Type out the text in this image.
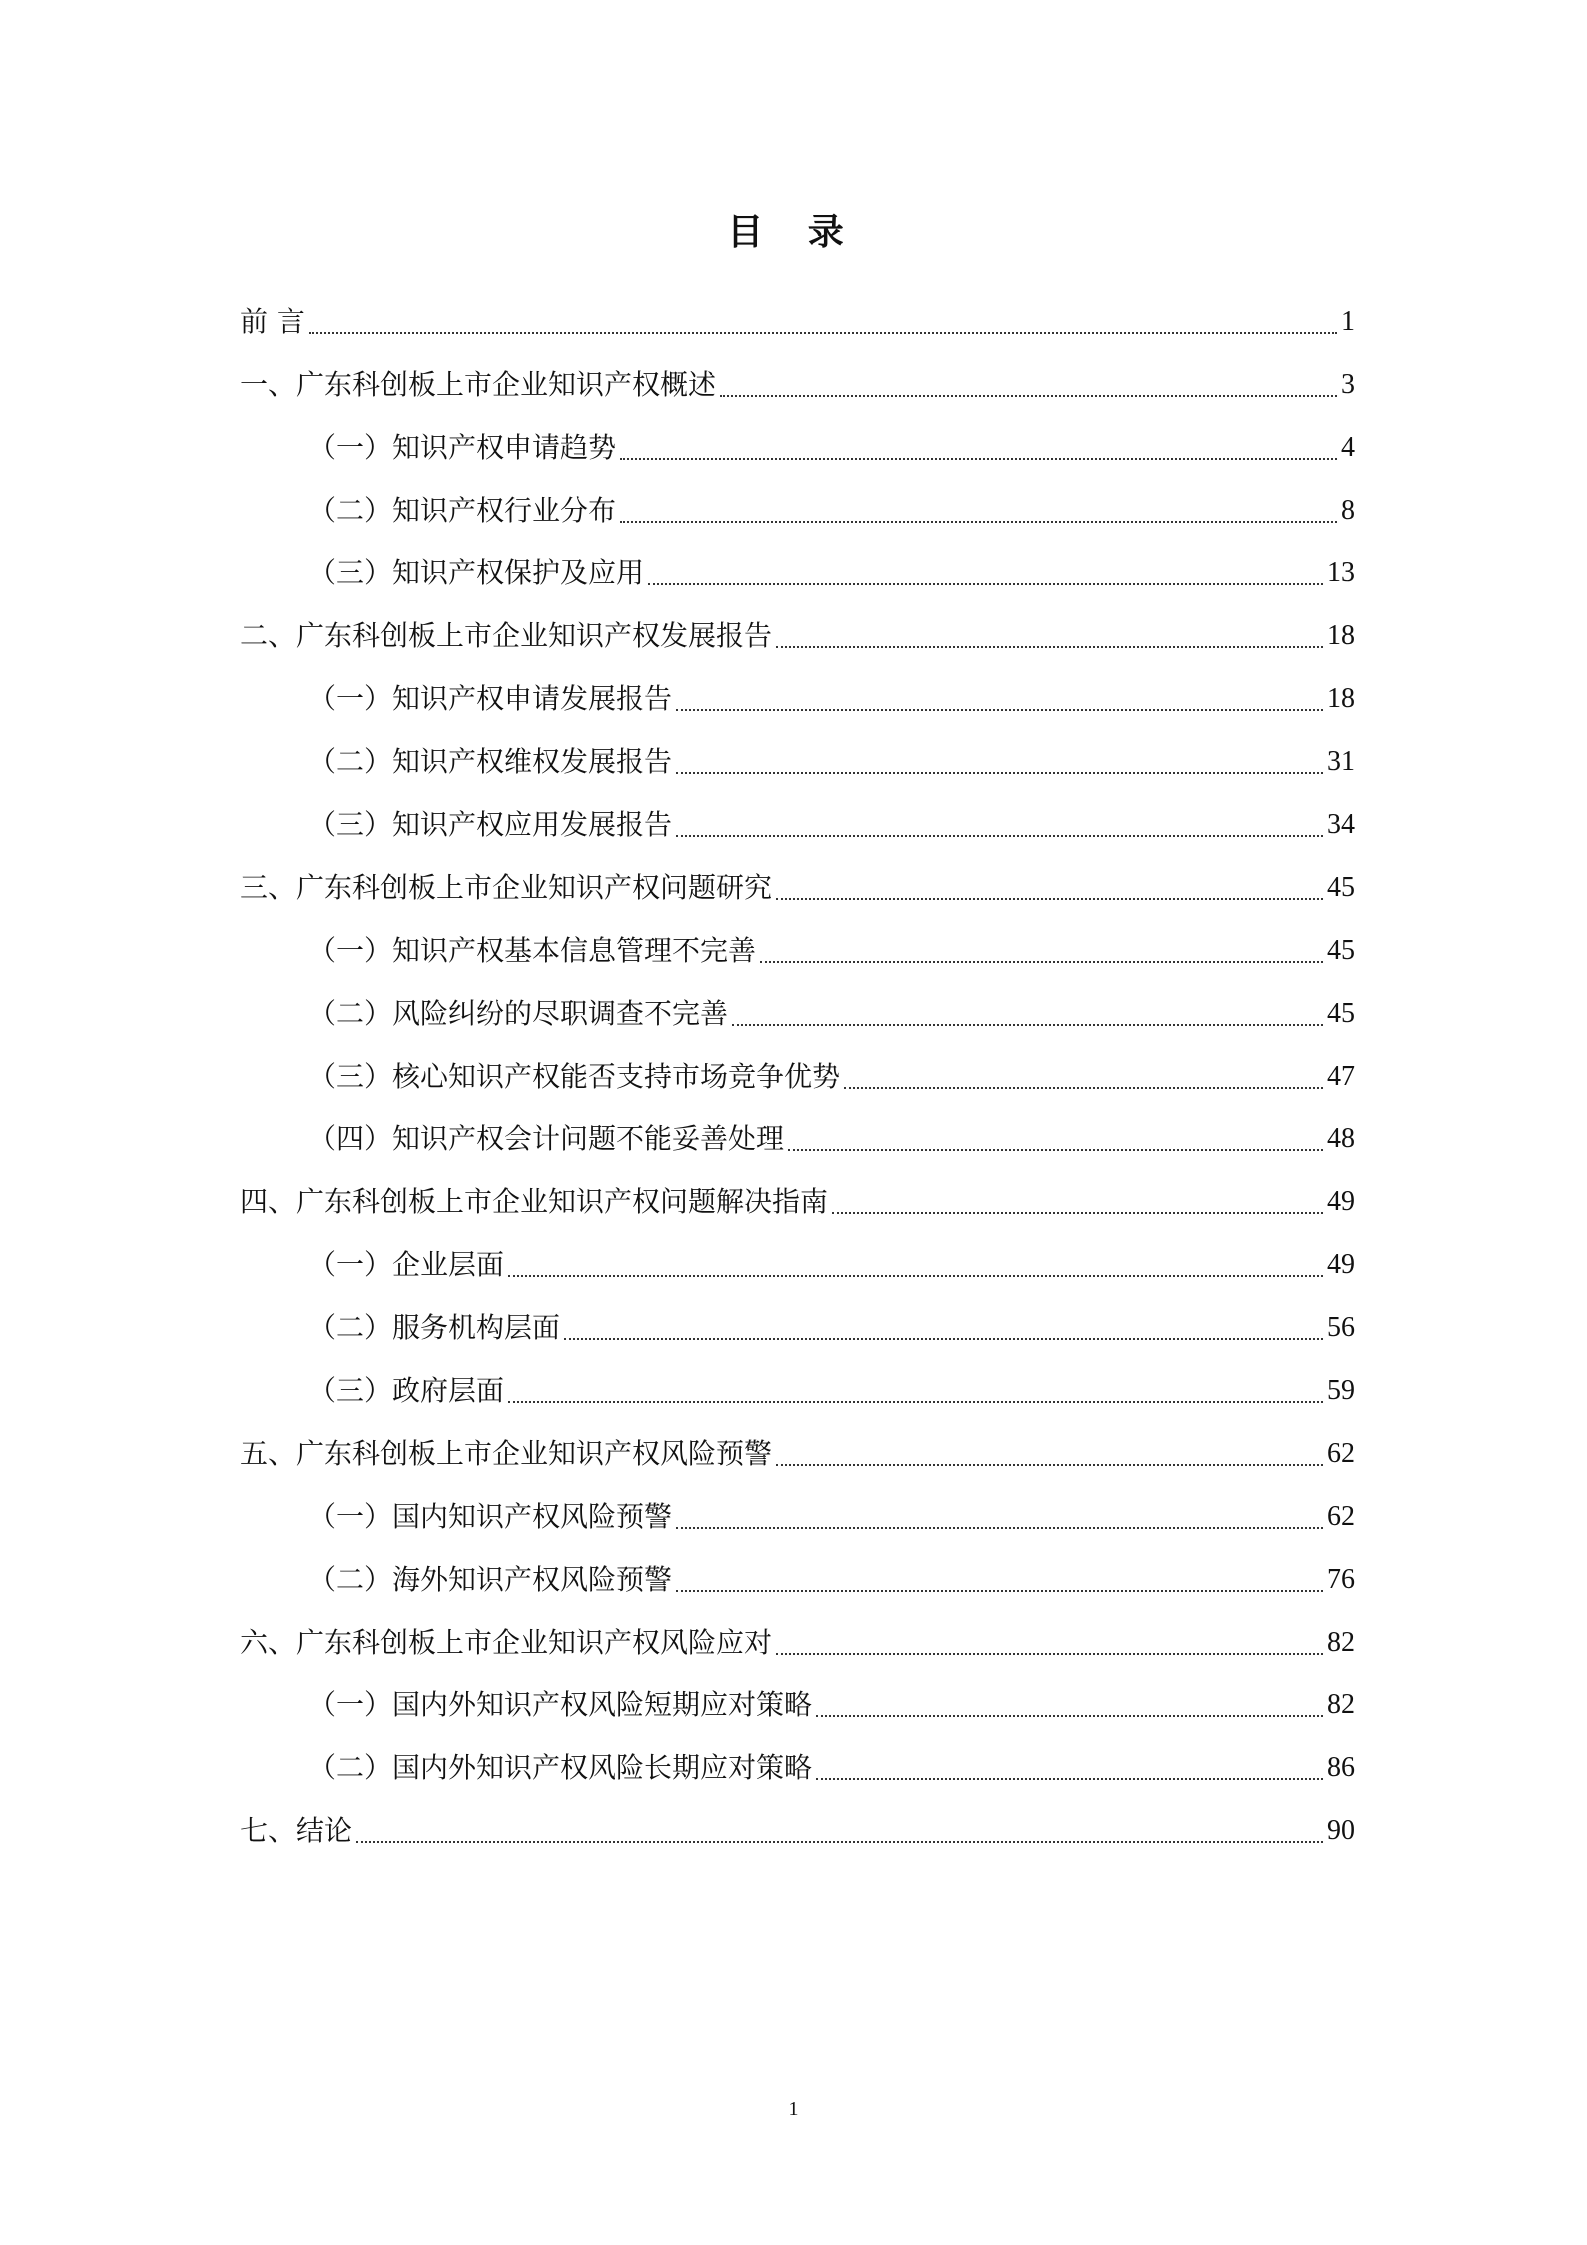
目 录
前 言	1
一、广东科创板上市企业知识产权概述	3
（一）知识产权申请趋势	4
（二）知识产权行业分布	8
（三）知识产权保护及应用	13
二、广东科创板上市企业知识产权发展报告	18
（一）知识产权申请发展报告	18
（二）知识产权维权发展报告	31
（三）知识产权应用发展报告	34
三、广东科创板上市企业知识产权问题研究	45
（一）知识产权基本信息管理不完善	45
（二）风险纠纷的尽职调查不完善	45
（三）核心知识产权能否支持市场竞争优势	47
（四）知识产权会计问题不能妥善处理	48
四、广东科创板上市企业知识产权问题解决指南	49
（一）企业层面	49
（二）服务机构层面	56
（三）政府层面	59
五、广东科创板上市企业知识产权风险预警	62
（一）国内知识产权风险预警	62
（二）海外知识产权风险预警	76
六、广东科创板上市企业知识产权风险应对	82
（一）国内外知识产权风险短期应对策略	82
（二）国内外知识产权风险长期应对策略	86
七、结论	90
1
